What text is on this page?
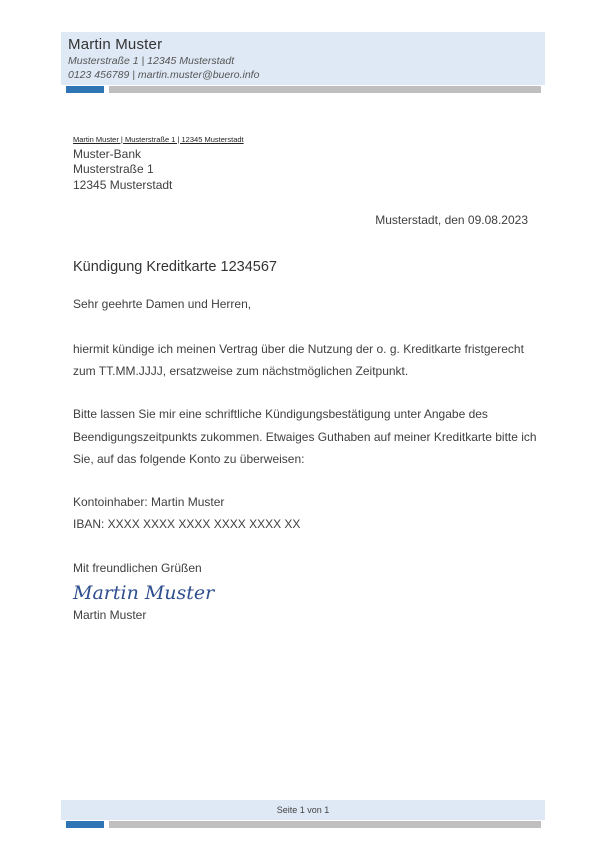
Martin Muster
Musterstraße 1 | 12345 Musterstadt
0123 456789 | martin.muster@buero.info
Martin Muster | Musterstraße 1 | 12345 Musterstadt
Muster-Bank
Musterstraße 1
12345 Musterstadt
Musterstadt, den 09.08.2023
Kündigung Kreditkarte 1234567
Sehr geehrte Damen und Herren,
hiermit kündige ich meinen Vertrag über die Nutzung der o. g. Kreditkarte fristgerecht
zum TT.MM.JJJJ, ersatzweise zum nächstmöglichen Zeitpunkt.
Bitte lassen Sie mir eine schriftliche Kündigungsbestätigung unter Angabe des
Beendigungszeitpunkts zukommen. Etwaiges Guthaben auf meiner Kreditkarte bitte ich
Sie, auf das folgende Konto zu überweisen:
Kontoinhaber: Martin Muster
IBAN: XXXX XXXX XXXX XXXX XXXX XX
Mit freundlichen Grüßen
Martin Muster
Martin Muster
Seite 1 von 1
